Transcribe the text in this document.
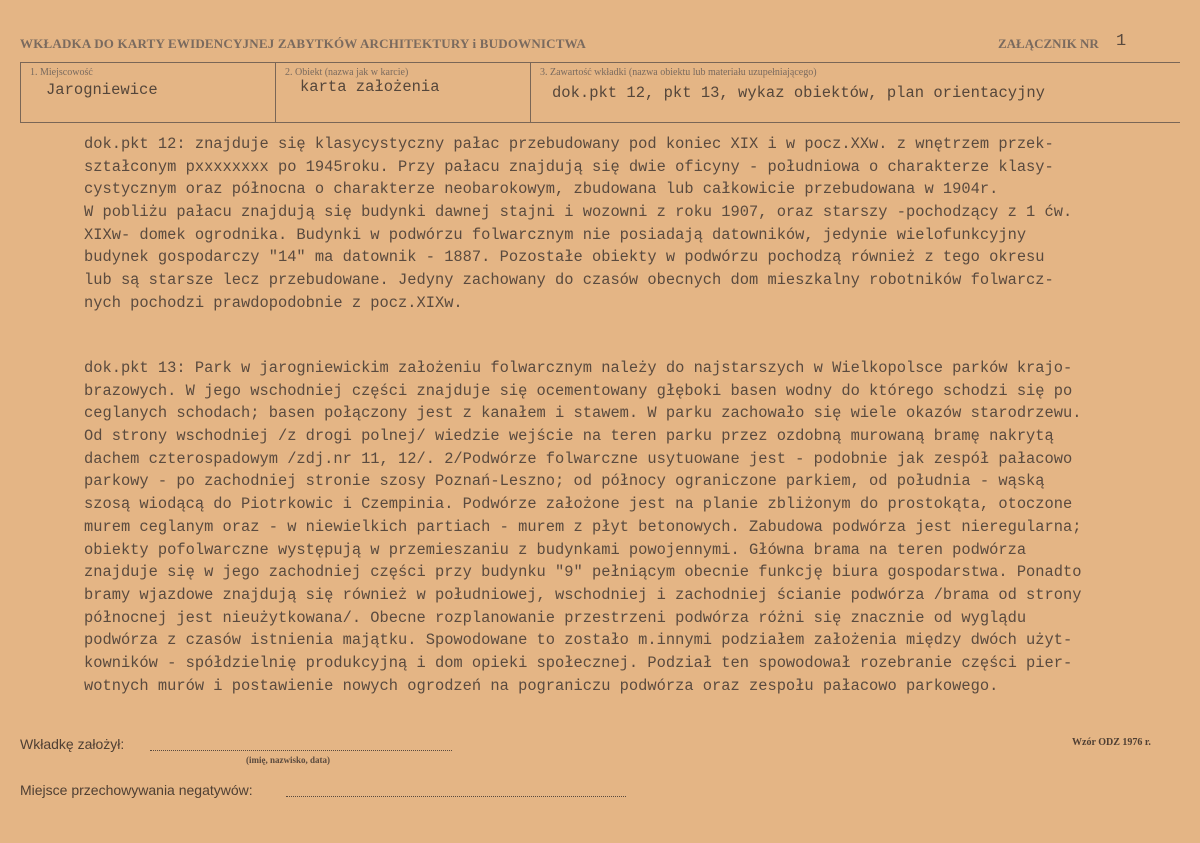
WKŁADKA DO KARTY EWIDENCYJNEJ ZABYTKÓW ARCHITEKTURY i BUDOWNICTWA	ZAŁĄCZNIK NR 1
1. Miejscowość
Jarogniewice
2. Obiekt (nazwa jak w karcie)
karta założenia
3. Zawartość wkładki (nazwa obiektu lub materiału uzupełniającego)
dok.pkt 12, pkt 13, wykaz obiektów, plan orientacyjny
dok.pkt 12: znajduje się klasycystyczny pałac przebudowany pod koniec XIX i w pocz.XXw. z wnętrzem przek-
ształconym pxxxxxxxx po 1945roku. Przy pałacu znajdują się dwie oficyny - południowa o charakterze klasy-
cystycznym oraz północna o charakterze neobarokowym, zbudowana lub całkowicie przebudowana w 1904r.
W pobliżu pałacu znajdują się budynki dawnej stajni i wozowni z roku 1907, oraz starszy -pochodzący z 1 ćw.
XIXw- domek ogrodnika. Budynki w podwórzu folwarcznym nie posiadają datowników, jedynie wielofunkcyjny
budynek gospodarczy "14" ma datownik - 1887. Pozostałe obiekty w podwórzu pochodzą również z tego okresu
lub są starsze lecz przebudowane. Jedyny zachowany do czasów obecnych dom mieszkalny robotników folwarcz-
nych pochodzi prawdopodobnie z pocz.XIXw.
dok.pkt 13: Park w jarogniewickim założeniu folwarcznym należy do najstarszych w Wielkopolsce parków krajo-
brazowych. W jego wschodniej części znajduje się ocementowany głęboki basen wodny do którego schodzi się po
ceglanych schodach; basen połączony jest z kanałem i stawem. W parku zachowało się wiele okazów starodrzewu.
Od strony wschodniej /z drogi polnej/ wiedzie wejście na teren parku przez ozdobną murowaną bramę nakrytą
dachem czterospadowym /zdj.nr 11, 12/. 2/Podwórze folwarczne usytuowane jest - podobnie jak zespół pałacowo
parkowy - po zachodniej stronie szosy Poznań-Leszno; od północy ograniczone parkiem, od południa - wąską
szosą wiodącą do Piotrkowic i Czempinia. Podwórze założone jest na planie zbliżonym do prostokąta, otoczone
murem ceglanym oraz - w niewielkich partiach - murem z płyt betonowych. Zabudowa podwórza jest nieregularna;
obiekty pofolwarczne występują w przemieszaniu z budynkami powojennymi. Główna brama na teren podwórza
znajduje się w jego zachodniej części przy budynku "9" pełniącym obecnie funkcję biura gospodarstwa. Ponadto
bramy wjazdowe znajdują się również w południowej, wschodniej i zachodniej ścianie podwórza /brama od strony
północnej jest nieużytkowana/. Obecne rozplanowanie przestrzeni podwórza różni się znacznie od wyglądu
podwórza z czasów istnienia majątku. Spowodowane to zostało m.innymi podziałem założenia między dwóch użyt-
kowników - spółdzielnię produkcyjną i dom opieki społecznej. Podział ten spowodował rozebranie części pier-
wotnych murów i postawienie nowych ogrodzeń na pograniczu podwórza oraz zespołu pałacowo parkowego.
Wkładkę założył:
(imię, nazwisko, data)
Wzór ODZ 1976 r.
Miejsce przechowywania negatywów:
